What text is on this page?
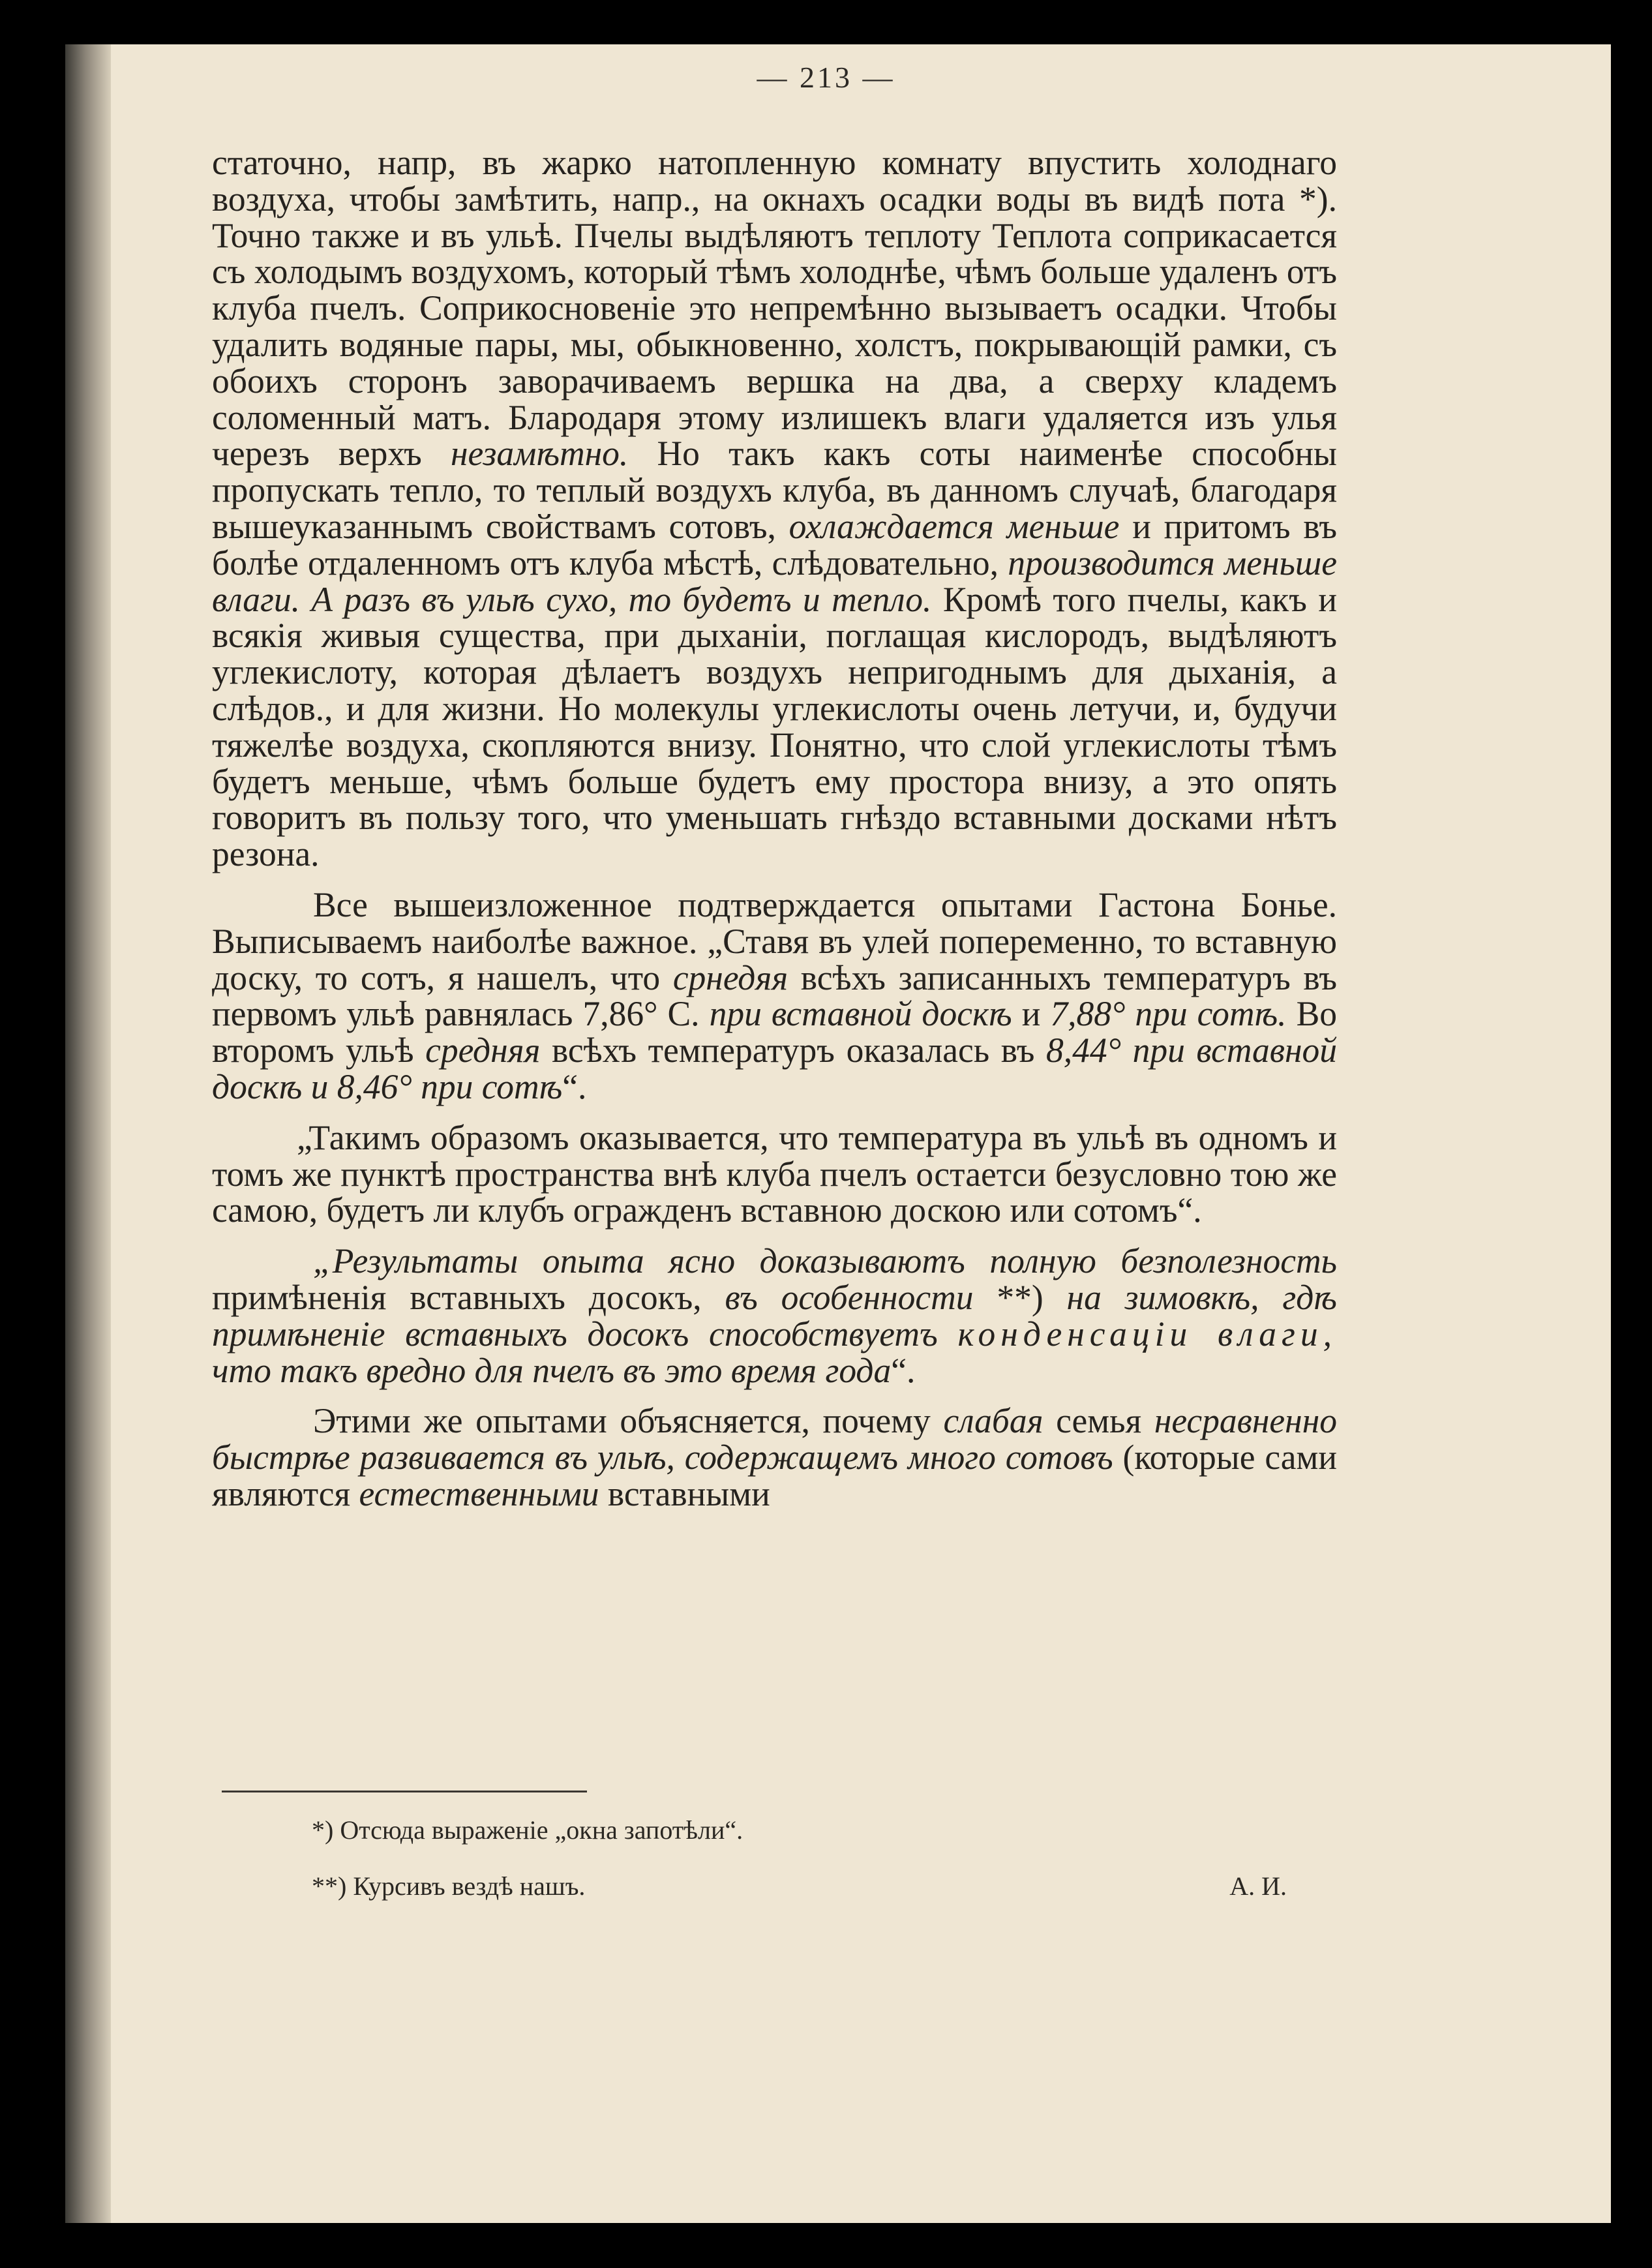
— 213 —

статочно, напр, въ жарко натопленную комнату впустить холоднаго воздуха, чтобы замѣтить, напр., на окнахъ осадки воды въ видѣ пота *). Точно также и въ ульѣ. Пчелы выдѣляютъ теплоту Теплота соприкасается съ холодымъ воздухомъ, который тѣмъ холоднѣе, чѣмъ больше удаленъ отъ клуба пчелъ. Соприкосновеніе это непремѣнно вызываетъ осадки. Чтобы удалить водяные пары, мы, обыкновенно, холстъ, покрывающій рамки, съ обоихъ сторонъ заворачиваемъ вершка на два, а сверху кладемъ соломенный матъ. Блародаря этому излишекъ влаги удаляется изъ улья черезъ верхъ незамѣтно. Но такъ какъ соты наименѣе способны пропускать тепло, то теплый воздухъ клуба, въ данномъ случаѣ, благодаря вышеуказаннымъ свойствамъ сотовъ, охлаждается меньше и притомъ въ болѣе отдаленномъ отъ клуба мѣстѣ, слѣдовательно, производится меньше влаги. А разъ въ ульѣ сухо, то будетъ и тепло. Кромѣ того пчелы, какъ и всякія живыя существа, при дыханіи, поглащая кислородъ, выдѣляютъ углекислоту, которая дѣлаетъ воздухъ непригоднымъ для дыханія, а слѣдов., и для жизни. Но молекулы углекислоты очень летучи, и, будучи тяжелѣе воздуха, скопляются внизу. Понятно, что слой углекислоты тѣмъ будетъ меньше, чѣмъ больше будетъ ему простора внизу, а это опять говоритъ въ пользу того, что уменьшать гнѣздо вставными досками нѣтъ резона.

Все вышеизложенное подтверждается опытами Гастона Бонье. Выписываемъ наиболѣе важное. „Ставя въ улей попеременно, то вставную доску, то сотъ, я нашелъ, что срнедяя всѣхъ записанныхъ температуръ въ первомъ ульѣ равнялась 7,86° С. при вставной доскѣ и 7,88° при сотѣ. Во второмъ ульѣ средняя всѣхъ температуръ оказалась въ 8,44° при вставной доскѣ и 8,46° при сотѣ“.

„Такимъ образомъ оказывается, что температура въ ульѣ въ одномъ и томъ же пунктѣ пространства внѣ клуба пчелъ остаетси безусловно тою же самою, будетъ ли клубъ огражденъ вставною доскою или сотомъ“.

„Результаты опыта ясно доказываютъ полную безполезность примѣненія вставныхъ досокъ, въ особенности **) на зимовкѣ, гдѣ примѣненіе вставныхъ досокъ способствуетъ конденсаціи влаги, что такъ вредно для пчелъ въ это время года“.

Этими же опытами объясняется, почему слабая семья несравненно быстрѣе развивается въ ульѣ, содержащемъ много сотовъ (которые сами являются естественными вставными

*) Отсюда выраженіе „окна запотѣли“.
**) Курсивъ вездѣ нашъ.	А. И.
